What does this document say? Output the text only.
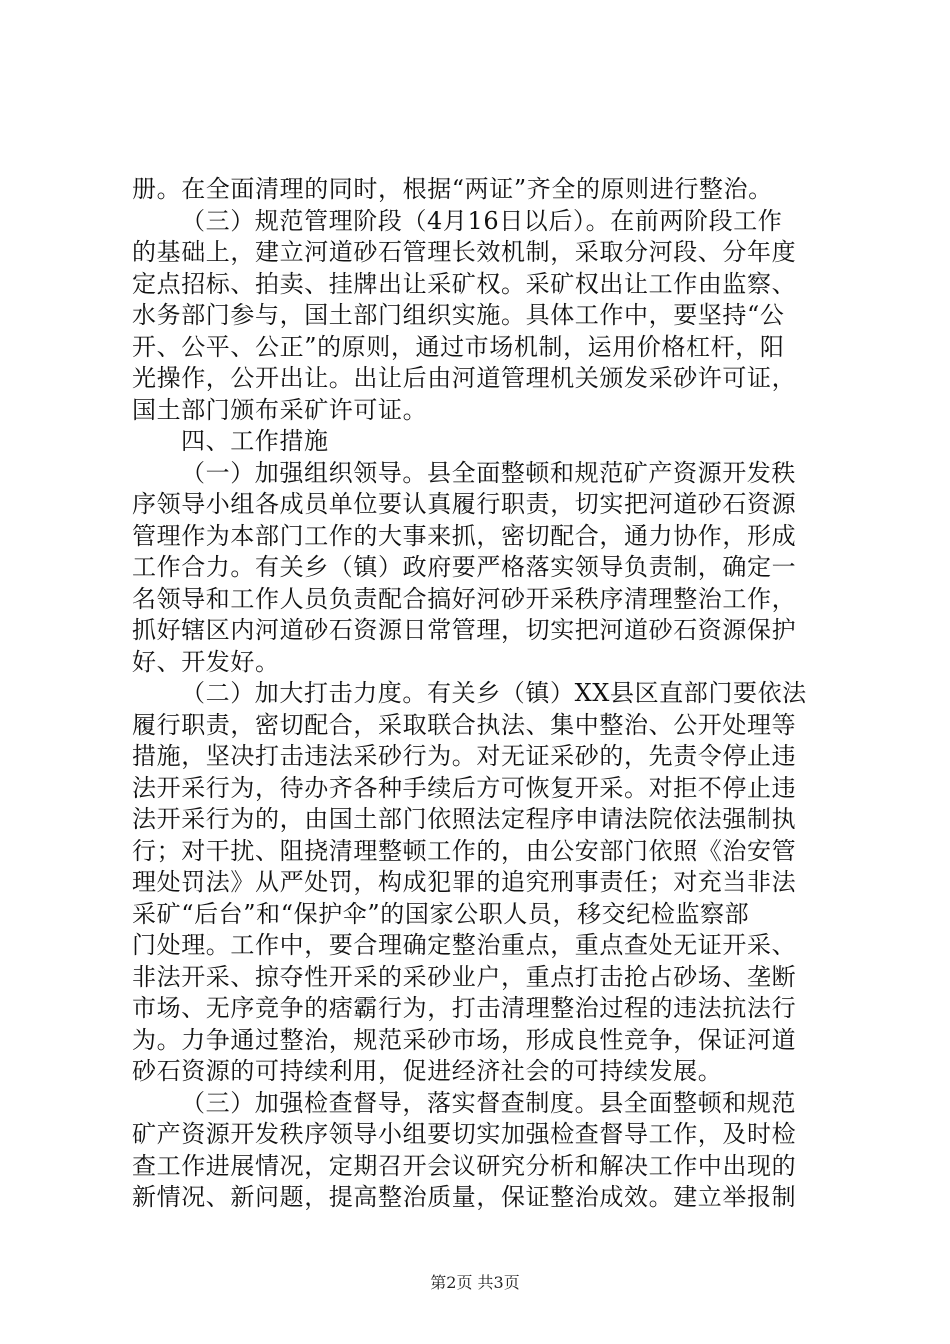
册。在全面清理的同时，根据“两证”齐全的原则进行整治。
（三）规范管理阶段（4月16日以后）。在前两阶段工作
的基础上，建立河道砂石管理长效机制，采取分河段、分年度
定点招标、拍卖、挂牌出让采矿权。采矿权出让工作由监察、
水务部门参与，国土部门组织实施。具体工作中，要坚持“公
开、公平、公正”的原则，通过市场机制，运用价格杠杆，阳
光操作，公开出让。出让后由河道管理机关颁发采砂许可证，
国土部门颁布采矿许可证。
四、工作措施
（一）加强组织领导。县全面整顿和规范矿产资源开发秩
序领导小组各成员单位要认真履行职责，切实把河道砂石资源
管理作为本部门工作的大事来抓，密切配合，通力协作，形成
工作合力。有关乡（镇）政府要严格落实领导负责制，确定一
名领导和工作人员负责配合搞好河砂开采秩序清理整治工作，
抓好辖区内河道砂石资源日常管理，切实把河道砂石资源保护
好、开发好。
（二）加大打击力度。有关乡（镇）XX县区直部门要依法
履行职责，密切配合，采取联合执法、集中整治、公开处理等
措施，坚决打击违法采砂行为。对无证采砂的，先责令停止违
法开采行为，待办齐各种手续后方可恢复开采。对拒不停止违
法开采行为的，由国土部门依照法定程序申请法院依法强制执
行；对干扰、阻挠清理整顿工作的，由公安部门依照《治安管
理处罚法》从严处罚，构成犯罪的追究刑事责任；对充当非法
采矿“后台”和“保护伞”的国家公职人员，移交纪检监察部
门处理。工作中，要合理确定整治重点，重点查处无证开采、
非法开采、掠夺性开采的采砂业户，重点打击抢占砂场、垄断
市场、无序竞争的痞霸行为，打击清理整治过程的违法抗法行
为。力争通过整治，规范采砂市场，形成良性竞争，保证河道
砂石资源的可持续利用，促进经济社会的可持续发展。
（三）加强检查督导，落实督查制度。县全面整顿和规范
矿产资源开发秩序领导小组要切实加强检查督导工作，及时检
查工作进展情况，定期召开会议研究分析和解决工作中出现的
新情况、新问题，提高整治质量，保证整治成效。建立举报制
第2页 共3页
